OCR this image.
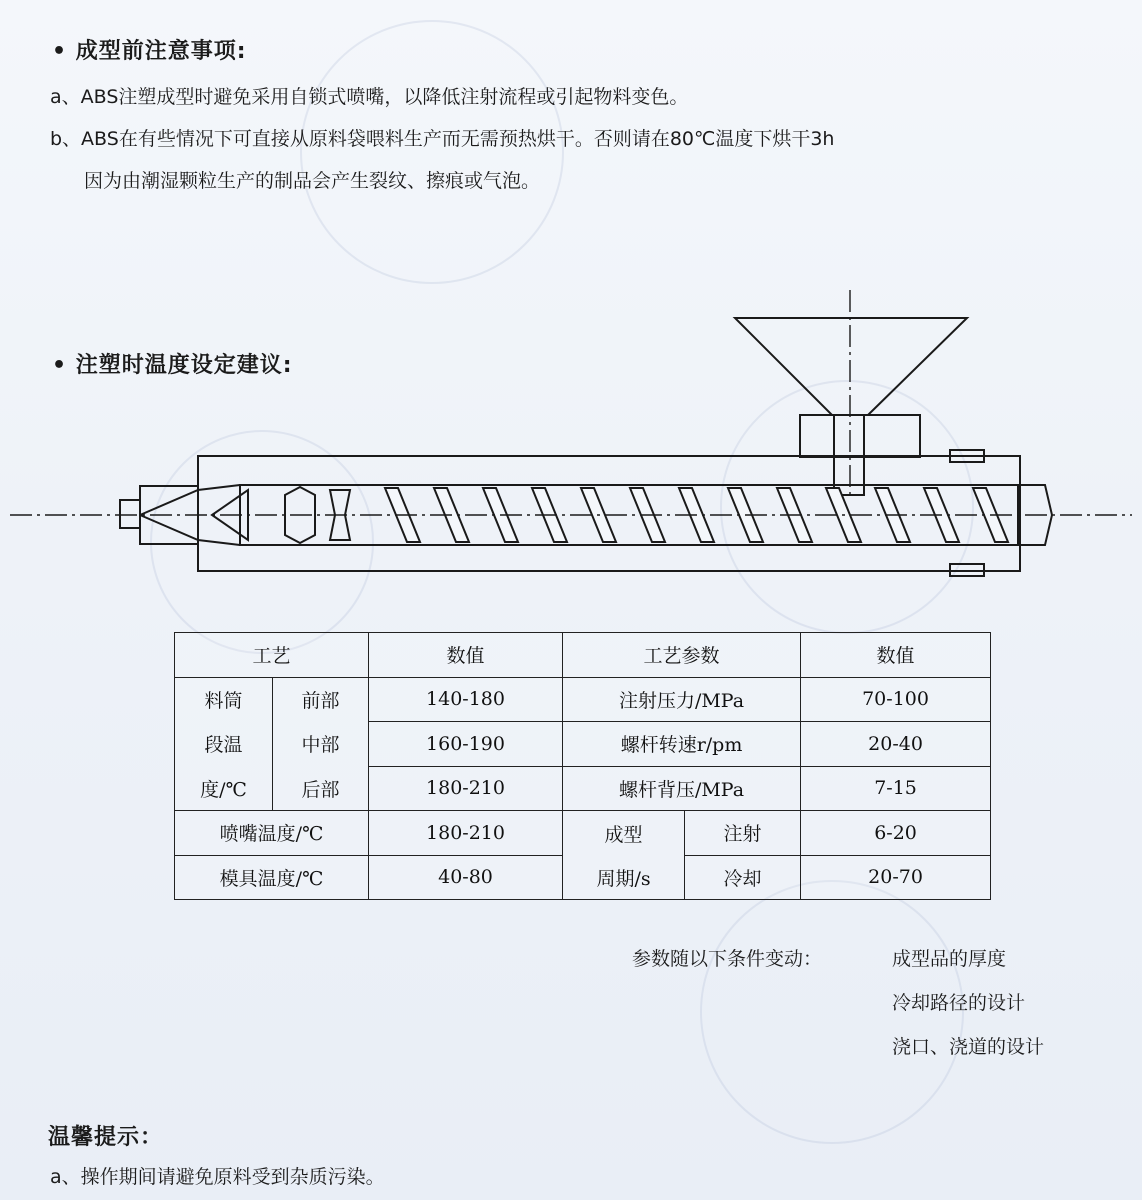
• 成型前注意事项:
a、ABS注塑成型时避免采用自锁式喷嘴，以降低注射流程或引起物料变色。
b、ABS在有些情况下可直接从原料袋喂料生产而无需预热烘干。否则请在80℃温度下烘干3h
因为由潮湿颗粒生产的制品会产生裂纹、擦痕或气泡。
• 注塑时温度设定建议:
工艺		数值	工艺参数		数值
料筒	前部	140-180	注射压力/MPa		70-100
段温	中部	160-190	螺杆转速r/pm		20-40
度/℃	后部	180-210	螺杆背压/MPa		7-15
喷嘴温度/℃		180-210	成型	注射	6-20
模具温度/℃		40-80	周期/s	冷却	20-70
参数随以下条件变动：	成型品的厚度
冷却路径的设计
浇口、浇道的设计
温馨提示：
a、操作期间请避免原料受到杂质污染。
